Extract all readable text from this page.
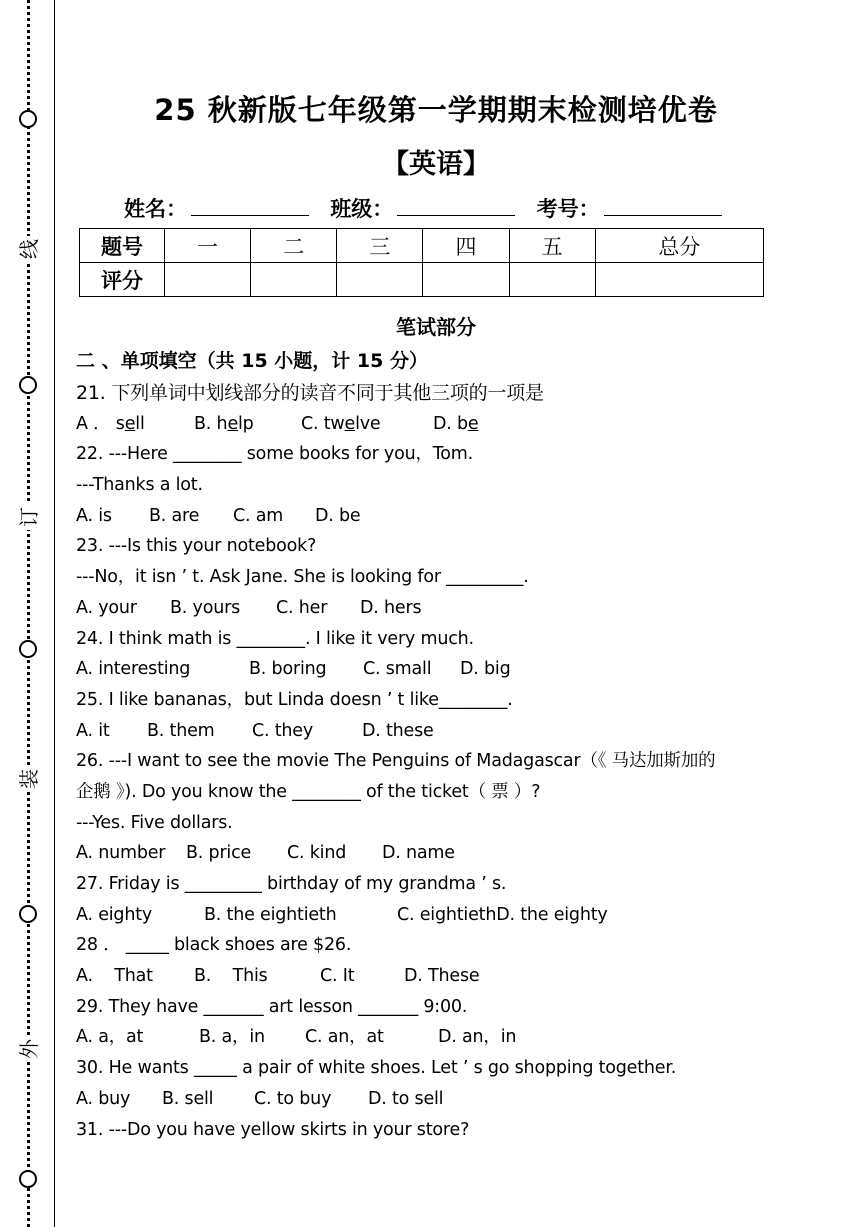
线
订
装
外
25 秋新版七年级第一学期期末检测培优卷
【英语】
姓名：	班级：	考号：
题号	一	二	三	四	五	总分
评分						
笔试部分
二 、单项填空（共 15 小题，计 15 分）
21. 下列单词中划线部分的读音不同于其他三项的一项是
A ． sell	B. help	C. twelve	D. be
22. ---Here ________ some books for you，Tom.
---Thanks a lot.
A. is B. are C. am D. be
23. ---Is this your notebook?
---No，it isn ’ t. Ask Jane. She is looking for _________.
A. your B. yours C. her D. hers
24. I think math is ________. I like it very much.
A. interesting	B. boring C. small D. big
25. I like bananas，but Linda doesn ’ t like________.
A. it B. them C. they	D. these
26. ---I want to see the movie The Penguins of Madagascar（《 马达加斯加的
企鹅 》). Do you know the ________ of the ticket（ 票 ）?
---Yes. Five dollars.
A. number B. price C. kind D. name
27. Friday is _________ birthday of my grandma ’ s.
A. eighty	B. the eightieth	C. eightiethD. the eighty
28 ． _____ black shoes are $26.
A.    That B.    This	C. It	D. These
29. They have _______ art lesson _______ 9:00.
A. a，at	B. a，in C. an，at	D. an，in
30. He wants _____ a pair of white shoes. Let ’ s go shopping together.
A. buy B. sell C. to buy D. to sell
31. ---Do you have yellow skirts in your store?
